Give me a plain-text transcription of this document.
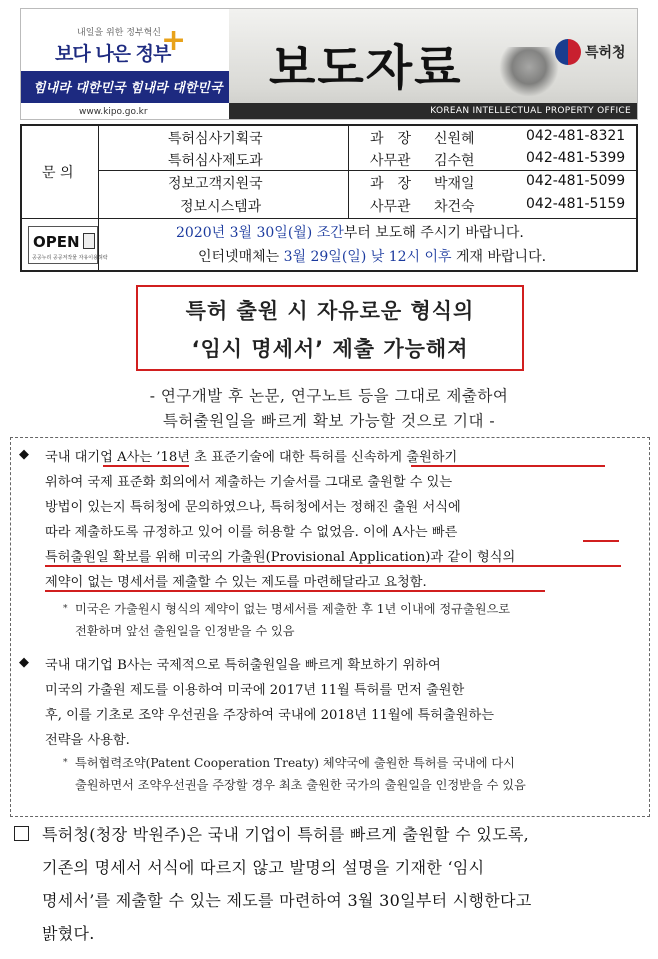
내일을 위한 정부혁신
보다 나은 정부
+
힘내라 대한민국 힘내라 대한민국
www.kipo.go.kr
보도자료	특허청
KOREAN INTELLECTUAL PROPERTY OFFICE
문 의
특허심사기획국
특허심사제도과
정보고객지원국
정보시스템과
과　장
사무관
과　장
사무관
신원혜
김수현
박재일
차건숙
042-481-8321
042-481-5399
042-481-5099
042-481-5159
OPEN
공공누리 공공저작물 자유이용허락
2020년 3월 30일(월) 조간부터 보도해 주시기 바랍니다.
인터넷매체는 3월 29일(일) 낮 12시 이후 게재 바랍니다.
특허 출원 시 자유로운 형식의
‘임시 명세서’ 제출 가능해져
- 연구개발 후 논문, 연구노트 등을 그대로 제출하여
특허출원일을 빠르게 확보 가능할 것으로 기대 -
◆ 국내 대기업 A사는 ’18년 초 표준기술에 대한 특허를 신속하게 출원하기
위하여 국제 표준화 회의에서 제출하는 기술서를 그대로 출원할 수 있는
방법이 있는지 특허청에 문의하였으나, 특허청에서는 정해진 출원 서식에
따라 제출하도록 규정하고 있어 이를 허용할 수 없었음. 이에 A사는 빠른
특허출원일 확보를 위해 미국의 가출원(Provisional Application)과 같이 형식의
제약이 없는 명세서를 제출할 수 있는 제도를 마련해달라고 요청함.
* 미국은 가출원시 형식의 제약이 없는 명세서를 제출한 후 1년 이내에 정규출원으로
전환하며 앞선 출원일을 인정받을 수 있음
◆ 국내 대기업 B사는 국제적으로 특허출원일을 빠르게 확보하기 위하여
미국의 가출원 제도를 이용하여 미국에 2017년 11월 특허를 먼저 출원한
후, 이를 기초로 조약 우선권을 주장하여 국내에 2018년 11월에 특허출원하는
전략을 사용함.
* 특허협력조약(Patent Cooperation Treaty) 체약국에 출원한 특허를 국내에 다시
출원하면서 조약우선권을 주장할 경우 최초 출원한 국가의 출원일을 인정받을 수 있음
특허청(청장 박원주)은 국내 기업이 특허를 빠르게 출원할 수 있도록,
기존의 명세서 서식에 따르지 않고 발명의 설명을 기재한 ‘임시
명세서’를 제출할 수 있는 제도를 마련하여 3월 30일부터 시행한다고
밝혔다.
